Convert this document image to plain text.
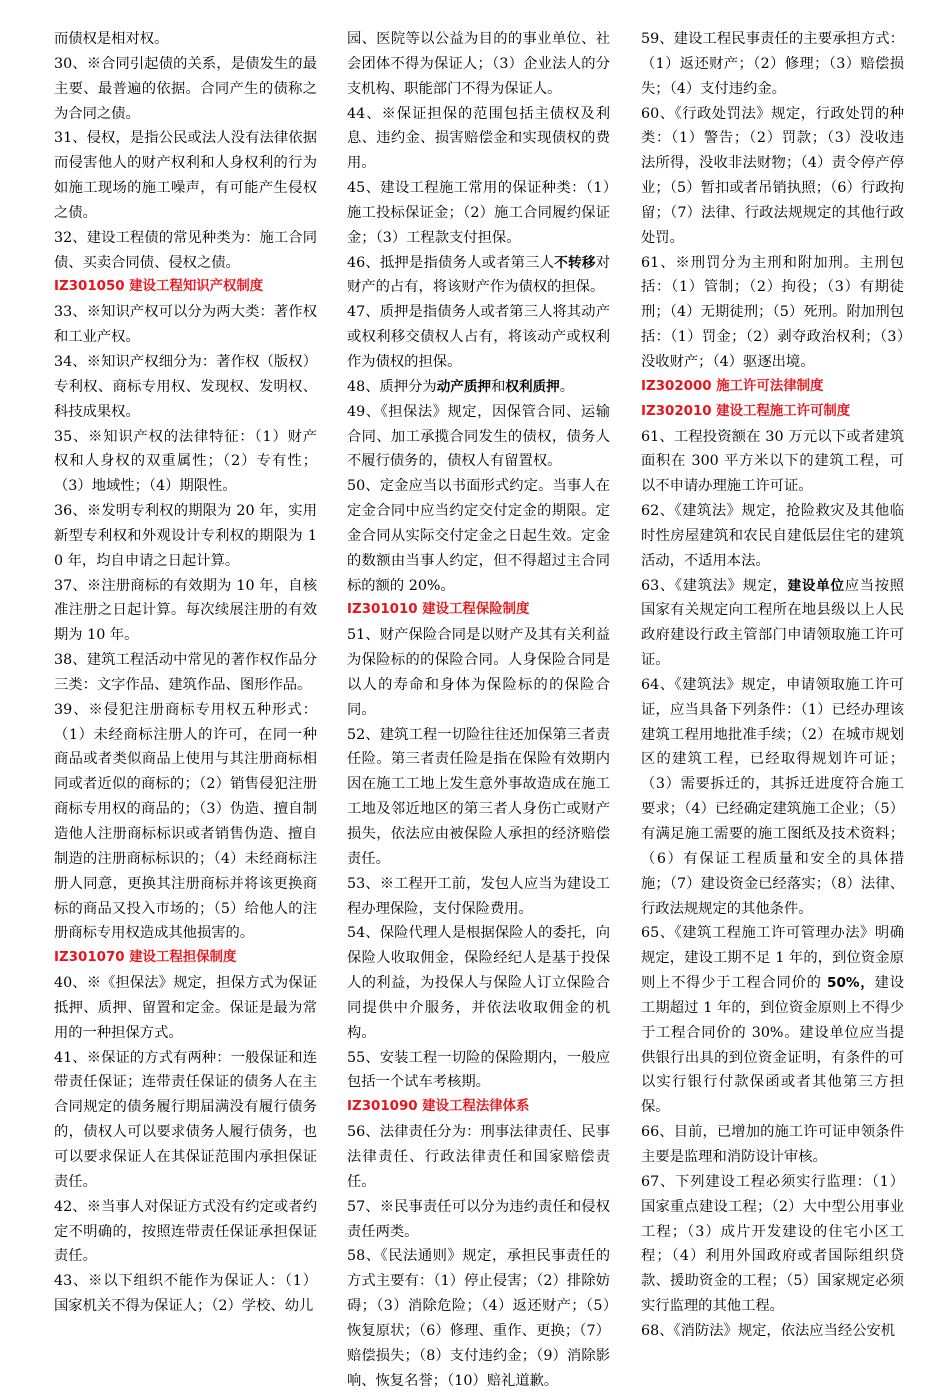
而债权是相对权。

30、※合同引起债的关系，是债发生的最主要、最普遍的依据。合同产生的债称之为合同之债。

31、侵权，是指公民或法人没有法律依据而侵害他人的财产权利和人身权利的行为如施工现场的施工噪声，有可能产生侵权之债。

32、建设工程债的常见种类为：施工合同债、买卖合同债、侵权之债。

IZ301050 建设工程知识产权制度

33、※知识产权可以分为两大类：著作权和工业产权。

34、※知识产权细分为：著作权（版权）专利权、商标专用权、发现权、发明权、科技成果权。

35、※知识产权的法律特征：（1）财产权和人身权的双重属性；（2）专有性；（3）地域性；（4）期限性。

36、※发明专利权的期限为 20 年，实用新型专利权和外观设计专利权的期限为 10 年，均自申请之日起计算。

37、※注册商标的有效期为 10 年，自核准注册之日起计算。每次续展注册的有效期为 10 年。

38、建筑工程活动中常见的著作权作品分三类：文字作品、建筑作品、图形作品。

39、※侵犯注册商标专用权五种形式：（1）未经商标注册人的许可，在同一种商品或者类似商品上使用与其注册商标相同或者近似的商标的；（2）销售侵犯注册商标专用权的商品的；（3）伪造、擅自制造他人注册商标标识或者销售伪造、擅自制造的注册商标标识的；（4）未经商标注册人同意，更换其注册商标并将该更换商标的商品又投入市场的；（5）给他人的注册商标专用权造成其他损害的。

IZ301070 建设工程担保制度

40、※《担保法》规定，担保方式为保证抵押、质押、留置和定金。保证是最为常用的一种担保方式。

41、※保证的方式有两种：一般保证和连带责任保证；连带责任保证的债务人在主合同规定的债务履行期届满没有履行债务的，债权人可以要求债务人履行债务，也可以要求保证人在其保证范围内承担保证责任。

42、※当事人对保证方式没有约定或者约定不明确的，按照连带责任保证承担保证责任。

43、※以下组织不能作为保证人：（1）国家机关不得为保证人；（2）学校、幼儿

园、医院等以公益为目的的事业单位、社会团体不得为保证人；（3）企业法人的分支机构、职能部门不得为保证人。

44、※保证担保的范围包括主债权及利息、违约金、损害赔偿金和实现债权的费用。

45、建设工程施工常用的保证种类：（1）施工投标保证金；（2）施工合同履约保证金；（3）工程款支付担保。

46、抵押是指债务人或者第三人不转移对财产的占有，将该财产作为债权的担保。

47、质押是指债务人或者第三人将其动产或权利移交债权人占有，将该动产或权利作为债权的担保。

48、质押分为动产质押和权利质押。

49、《担保法》规定，因保管合同、运输合同、加工承揽合同发生的债权，债务人不履行债务的，债权人有留置权。

50、定金应当以书面形式约定。当事人在定金合同中应当约定交付定金的期限。定金合同从实际交付定金之日起生效。定金的数额由当事人约定，但不得超过主合同标的额的 20%。

IZ301010 建设工程保险制度

51、财产保险合同是以财产及其有关利益为保险标的的保险合同。人身保险合同是以人的寿命和身体为保险标的的保险合同。

52、建筑工程一切险往往还加保第三者责任险。第三者责任险是指在保险有效期内因在施工工地上发生意外事故造成在施工工地及邻近地区的第三者人身伤亡或财产损失，依法应由被保险人承担的经济赔偿责任。

53、※工程开工前，发包人应当为建设工程办理保险，支付保险费用。

54、保险代理人是根据保险人的委托，向保险人收取佣金，保险经纪人是基于投保人的利益，为投保人与保险人订立保险合同提供中介服务，并依法收取佣金的机构。

55、安装工程一切险的保险期内，一般应包括一个试车考核期。

IZ301090 建设工程法律体系

56、法律责任分为：刑事法律责任、民事法律责任、行政法律责任和国家赔偿责任。

57、※民事责任可以分为违约责任和侵权责任两类。

58、《民法通则》规定，承担民事责任的方式主要有：（1）停止侵害；（2）排除妨碍；（3）消除危险；（4）返还财产；（5）恢复原状；（6）修理、重作、更换；（7）赔偿损失；（8）支付违约金；（9）消除影响、恢复名誉；（10）赔礼道歉。

59、建设工程民事责任的主要承担方式：（1）返还财产；（2）修理；（3）赔偿损失；（4）支付违约金。

60、《行政处罚法》规定，行政处罚的种类：（1）警告；（2）罚款；（3）没收违法所得，没收非法财物；（4）责令停产停业；（5）暂扣或者吊销执照；（6）行政拘留；（7）法律、行政法规规定的其他行政处罚。

61、※刑罚分为主刑和附加刑。主刑包括：（1）管制；（2）拘役；（3）有期徒刑；（4）无期徒刑；（5）死刑。附加刑包括：（1）罚金；（2）剥夺政治权利；（3）没收财产；（4）驱逐出境。

IZ302000 施工许可法律制度

IZ302010 建设工程施工许可制度

61、工程投资额在 30 万元以下或者建筑面积在 300 平方米以下的建筑工程，可以不申请办理施工许可证。

62、《建筑法》规定，抢险救灾及其他临时性房屋建筑和农民自建低层住宅的建筑活动，不适用本法。

63、《建筑法》规定，建设单位应当按照国家有关规定向工程所在地县级以上人民政府建设行政主管部门申请领取施工许可证。

64、《建筑法》规定，申请领取施工许可证，应当具备下列条件：（1）已经办理该建筑工程用地批准手续；（2）在城市规划区的建筑工程，已经取得规划许可证；（3）需要拆迁的，其拆迁进度符合施工要求；（4）已经确定建筑施工企业；（5）有满足施工需要的施工图纸及技术资料；（6）有保证工程质量和安全的具体措施；（7）建设资金已经落实；（8）法律、行政法规规定的其他条件。

65、《建筑工程施工许可管理办法》明确规定，建设工期不足 1 年的，到位资金原则上不得少于工程合同价的 50%，建设工期超过 1 年的，到位资金原则上不得少于工程合同价的 30%。建设单位应当提供银行出具的到位资金证明，有条件的可以实行银行付款保函或者其他第三方担保。

66、目前，已增加的施工许可证申领条件主要是监理和消防设计审核。

67、下列建设工程必须实行监理：（1）国家重点建设工程；（2）大中型公用事业工程；（3）成片开发建设的住宅小区工程；（4）利用外国政府或者国际组织贷款、援助资金的工程；（5）国家规定必须实行监理的其他工程。

68、《消防法》规定，依法应当经公安机
